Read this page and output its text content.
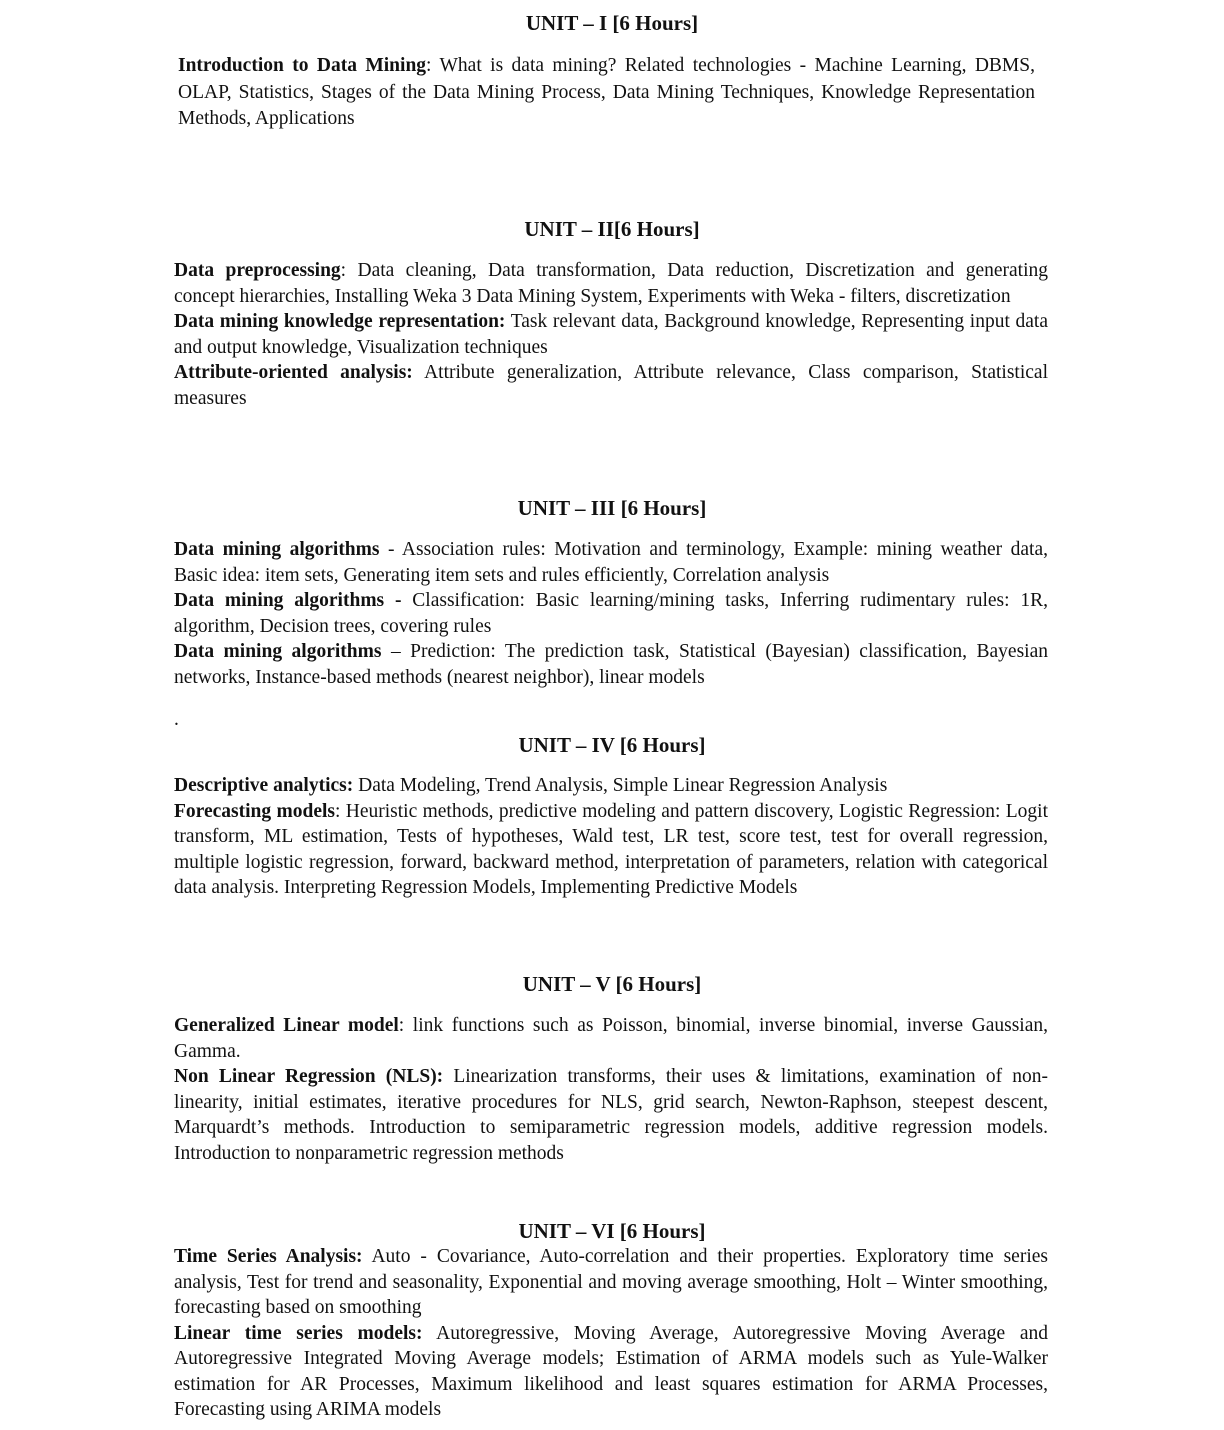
UNIT – I [6 Hours]

Introduction to Data Mining: What is data mining? Related technologies - Machine Learning, DBMS, OLAP, Statistics, Stages of the Data Mining Process, Data Mining Techniques, Knowledge Representation Methods, Applications

UNIT – II[6 Hours]

Data preprocessing: Data cleaning, Data transformation, Data reduction, Discretization and generating concept hierarchies, Installing Weka 3 Data Mining System, Experiments with Weka - filters, discretization

Data mining knowledge representation: Task relevant data, Background knowledge, Representing input data and output knowledge, Visualization techniques

Attribute-oriented analysis: Attribute generalization, Attribute relevance, Class comparison, Statistical measures

UNIT – III [6 Hours]

Data mining algorithms - Association rules: Motivation and terminology, Example: mining weather data, Basic idea: item sets, Generating item sets and rules efficiently, Correlation analysis

Data mining algorithms - Classification: Basic learning/mining tasks, Inferring rudimentary rules: 1R, algorithm, Decision trees, covering rules

Data mining algorithms – Prediction: The prediction task, Statistical (Bayesian) classification, Bayesian networks, Instance-based methods (nearest neighbor), linear models

.
UNIT – IV [6 Hours]

Descriptive analytics: Data Modeling, Trend Analysis, Simple Linear Regression Analysis

Forecasting models: Heuristic methods, predictive modeling and pattern discovery, Logistic Regression: Logit transform, ML estimation, Tests of hypotheses, Wald test, LR test, score test, test for overall regression, multiple logistic regression, forward, backward method, interpretation of parameters, relation with categorical data analysis. Interpreting Regression Models, Implementing Predictive Models

UNIT – V [6 Hours]

Generalized Linear model: link functions such as Poisson, binomial, inverse binomial, inverse Gaussian, Gamma.

Non Linear Regression (NLS): Linearization transforms, their uses & limitations, examination of non-linearity, initial estimates, iterative procedures for NLS, grid search, Newton-Raphson, steepest descent, Marquardt’s methods. Introduction to semiparametric regression models, additive regression models. Introduction to nonparametric regression methods

UNIT – VI [6 Hours]

Time Series Analysis: Auto - Covariance, Auto-correlation and their properties. Exploratory time series analysis, Test for trend and seasonality, Exponential and moving average smoothing, Holt – Winter smoothing, forecasting based on smoothing

Linear time series models: Autoregressive, Moving Average, Autoregressive Moving Average and Autoregressive Integrated Moving Average models; Estimation of ARMA models such as Yule-Walker estimation for AR Processes, Maximum likelihood and least squares estimation for ARMA Processes, Forecasting using ARIMA models
